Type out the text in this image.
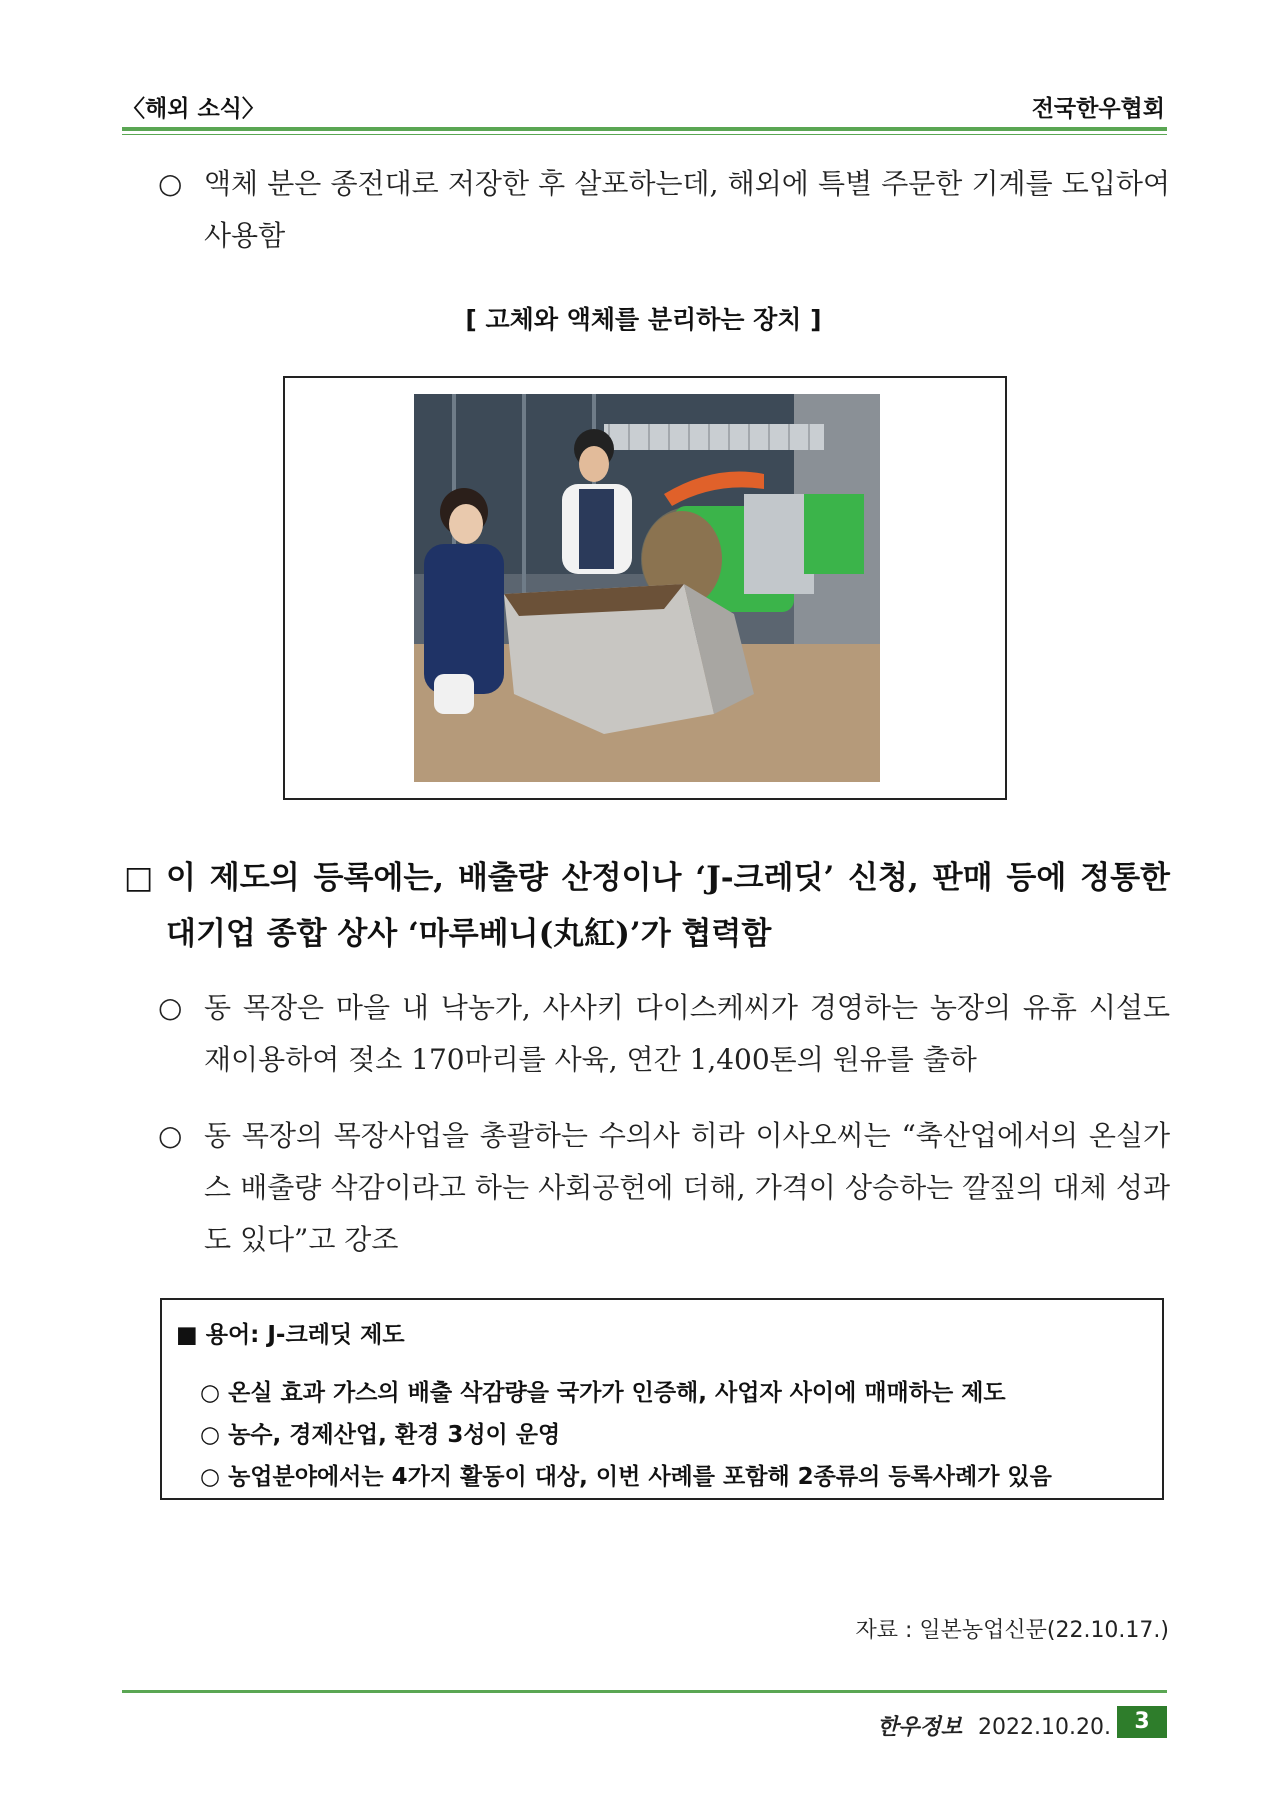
〈해외 소식〉	전국한우협회
○ 액체 분은 종전대로 저장한 후 살포하는데, 해외에 특별 주문한 기계를 도입하여 사용함
[ 고체와 액체를 분리하는 장치 ]
□ 이 제도의 등록에는, 배출량 산정이나 ‘J-크레딧’ 신청, 판매 등에 정통한 대기업 종합 상사 ‘마루베니(丸紅)’가 협력함
○ 동 목장은 마을 내 낙농가, 사사키 다이스케씨가 경영하는 농장의 유휴 시설도 재이용하여 젖소 170마리를 사육, 연간 1,400톤의 원유를 출하
○ 동 목장의 목장사업을 총괄하는 수의사 히라 이사오씨는 “축산업에서의 온실가스 배출량 삭감이라고 하는 사회공헌에 더해, 가격이 상승하는 깔짚의 대체 성과도 있다”고 강조
■ 용어: J-크레딧 제도
○ 온실 효과 가스의 배출 삭감량을 국가가 인증해, 사업자 사이에 매매하는 제도
○ 농수, 경제산업, 환경 3성이 운영
○ 농업분야에서는 4가지 활동이 대상, 이번 사례를 포함해 2종류의 등록사례가 있음
자료 : 일본농업신문(22.10.17.)
한우정보 2022.10.20.	3
